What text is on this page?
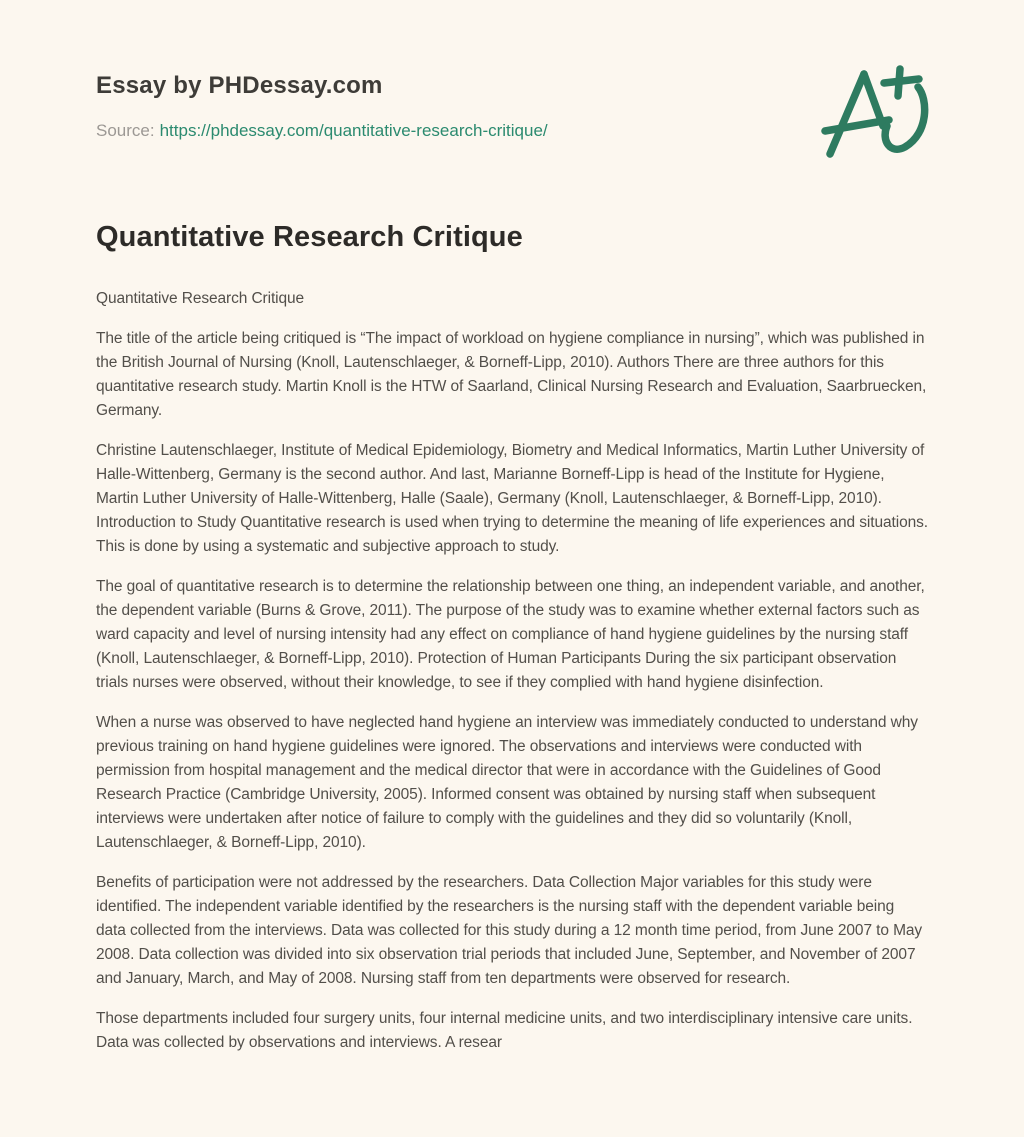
Essay by PHDessay.com
Source: https://phdessay.com/quantitative-research-critique/
Quantitative Research Critique

Quantitative Research Critique

The title of the article being critiqued is “The impact of workload on hygiene compliance in nursing”, which was published in the British Journal of Nursing (Knoll, Lautenschlaeger, & Borneff-Lipp, 2010). Authors There are three authors for this quantitative research study. Martin Knoll is the HTW of Saarland, Clinical Nursing Research and Evaluation, Saarbruecken, Germany.

Christine Lautenschlaeger, Institute of Medical Epidemiology, Biometry and Medical Informatics, Martin Luther University of Halle-Wittenberg, Germany is the second author. And last, Marianne Borneff-Lipp is head of the Institute for Hygiene, Martin Luther University of Halle-Wittenberg, Halle (Saale), Germany (Knoll, Lautenschlaeger, & Borneff-Lipp, 2010). Introduction to Study Quantitative research is used when trying to determine the meaning of life experiences and situations. This is done by using a systematic and subjective approach to study.

The goal of quantitative research is to determine the relationship between one thing, an independent variable, and another, the dependent variable (Burns & Grove, 2011). The purpose of the study was to examine whether external factors such as ward capacity and level of nursing intensity had any effect on compliance of hand hygiene guidelines by the nursing staff (Knoll, Lautenschlaeger, & Borneff-Lipp, 2010). Protection of Human Participants During the six participant observation trials nurses were observed, without their knowledge, to see if they complied with hand hygiene disinfection.

When a nurse was observed to have neglected hand hygiene an interview was immediately conducted to understand why previous training on hand hygiene guidelines were ignored. The observations and interviews were conducted with permission from hospital management and the medical director that were in accordance with the Guidelines of Good Research Practice (Cambridge University, 2005). Informed consent was obtained by nursing staff when subsequent interviews were undertaken after notice of failure to comply with the guidelines and they did so voluntarily (Knoll, Lautenschlaeger, & Borneff-Lipp, 2010).

Benefits of participation were not addressed by the researchers. Data Collection Major variables for this study were identified. The independent variable identified by the researchers is the nursing staff with the dependent variable being data collected from the interviews. Data was collected for this study during a 12 month time period, from June 2007 to May 2008. Data collection was divided into six observation trial periods that included June, September, and November of 2007 and January, March, and May of 2008. Nursing staff from ten departments were observed for research.

Those departments included four surgery units, four internal medicine units, and two interdisciplinary intensive care units. Data was collected by observations and interviews. A resear
